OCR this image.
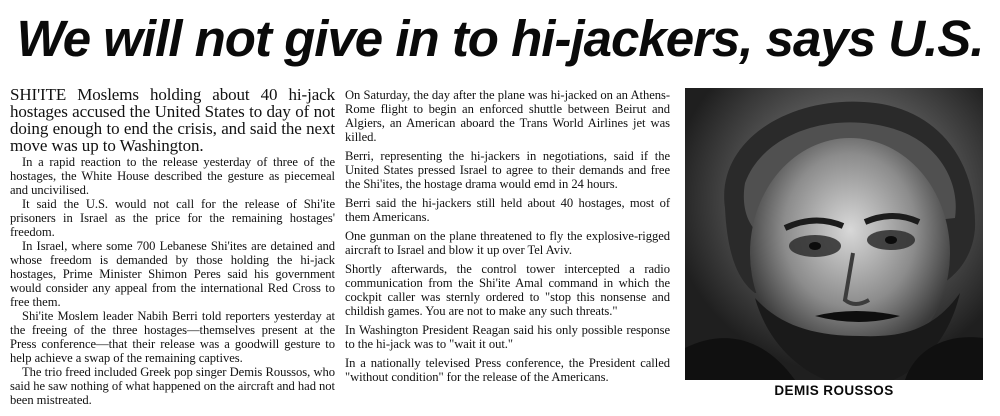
We will not give in to hi-jackers, says U.S.

SHI'ITE Moslems holding about 40 hi-jack hostages accused the United States to day of not doing enough to end the crisis, and said the next move was up to Washington.

In a rapid reaction to the release yesterday of three of the hostages, the White House described the gesture as piecemeal and uncivilised.

It said the U.S. would not call for the release of Shi'ite prisoners in Israel as the price for the remaining hostages' freedom.

In Israel, where some 700 Lebanese Shi'ites are detained and whose freedom is demanded by those holding the hi-jack hostages, Prime Minister Shimon Peres said his government would consider any appeal from the international Red Cross to free them.

Shi'ite Moslem leader Nabih Berri told reporters yesterday at the freeing of the three hostages—themselves present at the Press conference—that their release was a goodwill gesture to help achieve a swap of the remaining captives.

The trio freed included Greek pop singer Demis Roussos, who said he saw nothing of what happened on the aircraft and had not been mistreated.

On Saturday, the day after the plane was hi-jacked on an Athens-Rome flight to begin an enforced shuttle between Beirut and Algiers, an American aboard the Trans World Airlines jet was killed.

Berri, representing the hi-jackers in negotiations, said if the United States pressed Israel to agree to their demands and free the Shi'ites, the hostage drama would emd in 24 hours.

Berri said the hi-jackers still held about 40 hostages, most of them Americans.

One gunman on the plane threatened to fly the explosive-rigged aircraft to Israel and blow it up over Tel Aviv.

Shortly afterwards, the control tower intercepted a radio communication from the Shi'ite Amal command in which the cockpit caller was sternly ordered to "stop this nonsense and childish games. You are not to make any such threats."

In Washington President Reagan said his only possible response to the hi-jack was to "wait it out."

In a nationally televised Press conference, the President called "without condition" for the release of the Americans.

DEMIS ROUSSOS
